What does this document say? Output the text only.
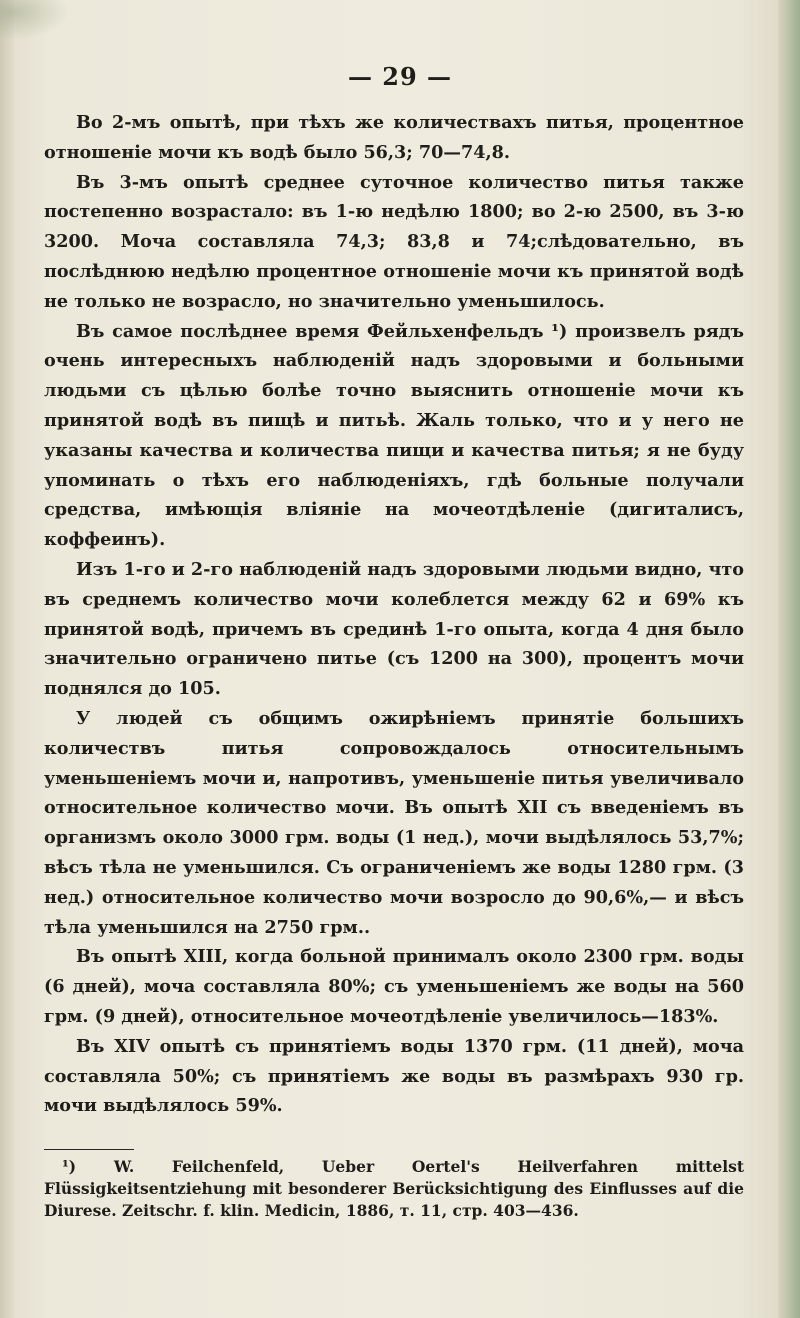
— 29 —

Во 2-мъ опытѣ, при тѣхъ же количествахъ питья, процентное отношеніе мочи къ водѣ было 56,3; 70—74,8.

Въ 3-мъ опытѣ среднее суточное количество питья также постепенно возрастало: въ 1-ю недѣлю 1800; во 2-ю 2500, въ 3-ю 3200. Моча составляла 74,3; 83,8 и 74;слѣдовательно, въ послѣднюю недѣлю процентное отношеніе мочи къ принятой водѣ не только не возрасло, но значительно уменьшилось.

Въ самое послѣднее время Фейльхенфельдъ ¹) произвелъ рядъ очень интересныхъ наблюденій надъ здоровыми и больными людьми съ цѣлью болѣе точно выяснить отношеніе мочи къ принятой водѣ въ пищѣ и питьѣ. Жаль только, что и у него не указаны качества и количества пищи и качества питья; я не буду упоминать о тѣхъ его наблюденіяхъ, гдѣ больные получали средства, имѣющія вліяніе на мочеотдѣленіе (дигиталисъ, коффеинъ).

Изъ 1-го и 2-го наблюденій надъ здоровыми людьми видно, что въ среднемъ количество мочи колеблется между 62 и 69% къ принятой водѣ, причемъ въ срединѣ 1-го опыта, когда 4 дня было значительно ограничено питье (съ 1200 на 300), процентъ мочи поднялся до 105.

У людей съ общимъ ожирѣніемъ принятіе большихъ количествъ питья сопровождалось относительнымъ уменьшеніемъ мочи и, напротивъ, уменьшеніе питья увеличивало относительное количество мочи. Въ опытѣ XII съ введеніемъ въ организмъ около 3000 грм. воды (1 нед.), мочи выдѣлялось 53,7%; вѣсъ тѣла не уменьшился. Съ ограниченіемъ же воды 1280 грм. (3 нед.) относительное количество мочи возросло до 90,6%,— и вѣсъ тѣла уменьшился на 2750 грм..

Въ опытѣ XIII, когда больной принималъ около 2300 грм. воды (6 дней), моча составляла 80%; съ уменьшеніемъ же воды на 560 грм. (9 дней), относительное мочеотдѣленіе увеличилось—183%.

Въ XIV опытѣ съ принятіемъ воды 1370 грм. (11 дней), моча составляла 50%; съ принятіемъ же воды въ размѣрахъ 930 гр. мочи выдѣлялось 59%.

¹) W. Feilchenfeld, Ueber Oertel's Heilverfahren mittelst Flüssigkeitsentziehung mit besonderer Berücksichtigung des Einflusses auf die Diurese. Zeitschr. f. klin. Medicin, 1886, т. 11, стр. 403—436.
